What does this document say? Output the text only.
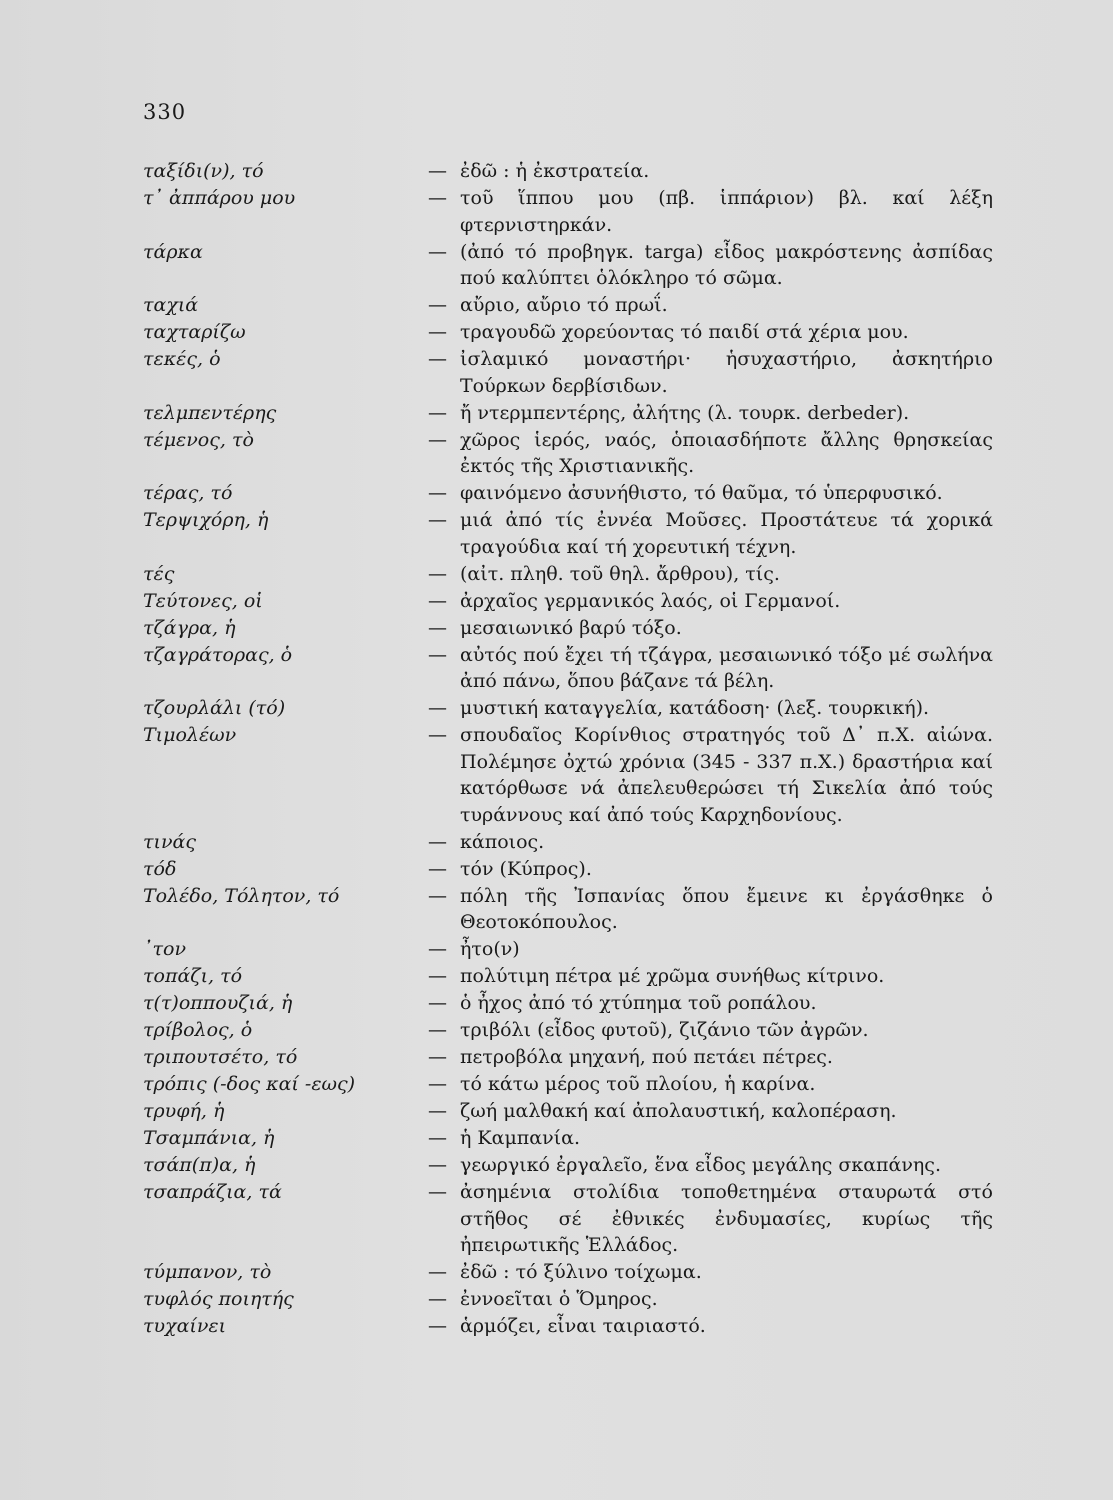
330
ταξίδι(ν), τό	— ἐδῶ : ἡ ἐκστρατεία.
τ᾽ ἀππάρου μου	— τοῦ ἵππου μου (πβ. ἱππάριον) βλ. καί λέξη φτερνιστηρκάν.
τάρκα	— (ἀπό τό προβηγκ. targa) εἶδος μακρόστενης ἀσπίδας πού καλύπτει ὁλόκληρο τό σῶμα.
ταχιά	— αὔριο, αὔριο τό πρωΐ.
ταχταρίζω	— τραγουδῶ χορεύοντας τό παιδί στά χέρια μου.
τεκές, ὁ	— ἰσλαμικό μοναστήρι· ἡσυχαστήριο, ἀσκητήριο Τούρκων δερβίσιδων.
τελμπεντέρης	— ἤ ντερμπεντέρης, ἀλήτης (λ. τουρκ. derbeder).
τέμενος, τὸ	— χῶρος ἱερός, ναός, ὁποιασδήποτε ἄλλης θρησκείας ἐκτός τῆς Χριστιανικῆς.
τέρας, τό	— φαινόμενο ἀσυνήθιστο, τό θαῦμα, τό ὑπερφυσικό.
Τερψιχόρη, ἡ	— μιά ἀπό τίς ἐννέα Μοῦσες. Προστάτευε τά χορικά τραγούδια καί τή χορευτική τέχνη.
τές	— (αἰτ. πληθ. τοῦ θηλ. ἄρθρου), τίς.
Τεύτονες, οἱ	— ἀρχαῖος γερμανικός λαός, οἱ Γερμανοί.
τζάγρα, ἡ	— μεσαιωνικό βαρύ τόξο.
τζαγράτορας, ὁ	— αὐτός πού ἔχει τή τζάγρα, μεσαιωνικό τόξο μέ σωλήνα ἀπό πάνω, ὅπου βάζανε τά βέλη.
τζουρλάλι (τό)	— μυστική καταγγελία, κατάδοση· (λεξ. τουρκική).
Τιμολέων	— σπουδαῖος Κορίνθιος στρατηγός τοῦ Δ᾽ π.Χ. αἰώνα. Πολέμησε ὀχτώ χρόνια (345 - 337 π.Χ.) δραστήρια καί κατόρθωσε νά ἀπελευθερώσει τή Σικελία ἀπό τούς τυράννους καί ἀπό τούς Καρχηδονίους.
τινάς	— κάποιος.
τόδ	— τόν (Κύπρος).
Τολέδο, Τόλητον, τό	— πόλη τῆς Ἰσπανίας ὅπου ἔμεινε κι ἐργάσθηκε ὁ Θεοτοκόπουλος.
᾽τον	— ἦτο(ν)
τοπάζι, τό	— πολύτιμη πέτρα μέ χρῶμα συνήθως κίτρινο.
τ(τ)οππουζιά, ἡ	— ὁ ἦχος ἀπό τό χτύπημα τοῦ ροπάλου.
τρίβολος, ὁ	— τριβόλι (εἶδος φυτοῦ), ζιζάνιο τῶν ἀγρῶν.
τριπουτσέτο, τό	— πετροβόλα μηχανή, πού πετάει πέτρες.
τρόπις (-δος καί -εως)	— τό κάτω μέρος τοῦ πλοίου, ἡ καρίνα.
τρυφή, ἡ	— ζωή μαλθακή καί ἀπολαυστική, καλοπέραση.
Τσαμπάνια, ἡ	— ἡ Καμπανία.
τσάπ(π)α, ἡ	— γεωργικό ἐργαλεῖο, ἕνα εἶδος μεγάλης σκαπάνης.
τσαπράζια, τά	— ἀσημένια στολίδια τοποθετημένα σταυρωτά στό στῆθος σέ ἐθνικές ἐνδυμασίες, κυρίως τῆς ἠπειρωτικῆς Ἑλλάδος.
τύμπανον, τὸ	— ἐδῶ : τό ξύλινο τοίχωμα.
τυφλός ποιητής	— ἐννοεῖται ὁ Ὅμηρος.
τυχαίνει	— ἁρμόζει, εἶναι ταιριαστό.
